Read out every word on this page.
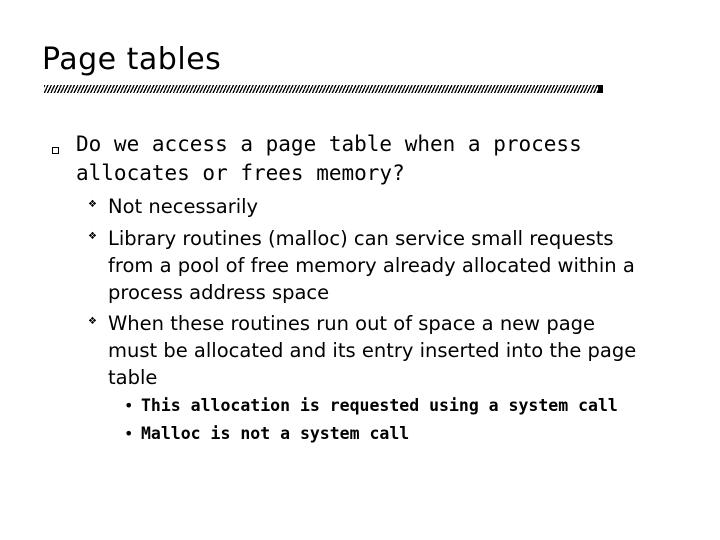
Page tables
Do we access a page table when a process allocates or frees memory?
❖ Not necessarily
❖ Library routines (malloc) can service small requests from a pool of free memory already allocated within a process address space
❖ When these routines run out of space a new page must be allocated and its entry inserted into the page table
• This allocation is requested using a system call
• Malloc is not a system call
